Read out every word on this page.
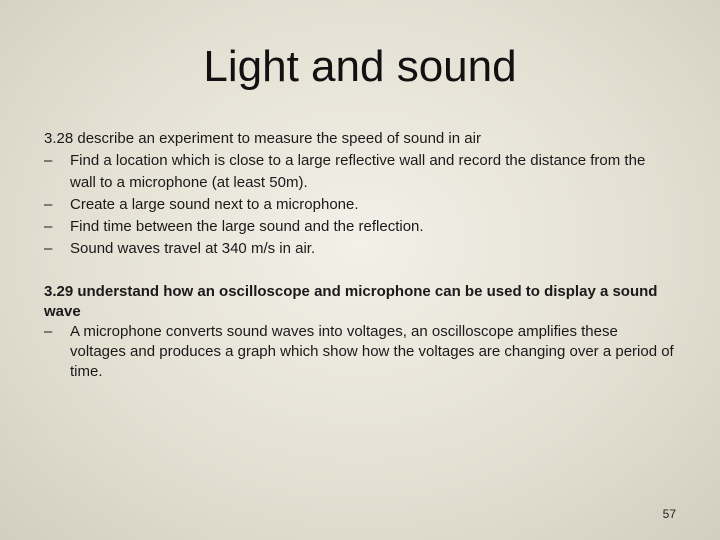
Light and sound

3.28 describe an experiment to measure the speed of sound in air

– Find a location which is close to a large reflective wall and record the distance from the wall to a microphone (at least 50m).
– Create a large sound next to a microphone.
– Find time between the large sound and the reflection.
– Sound waves travel at 340 m/s in air.

3.29 understand how an oscilloscope and microphone can be used to display a sound wave

– A microphone converts sound waves into voltages, an oscilloscope amplifies these voltages and produces a graph which show how the voltages are changing over a period of time.
57
